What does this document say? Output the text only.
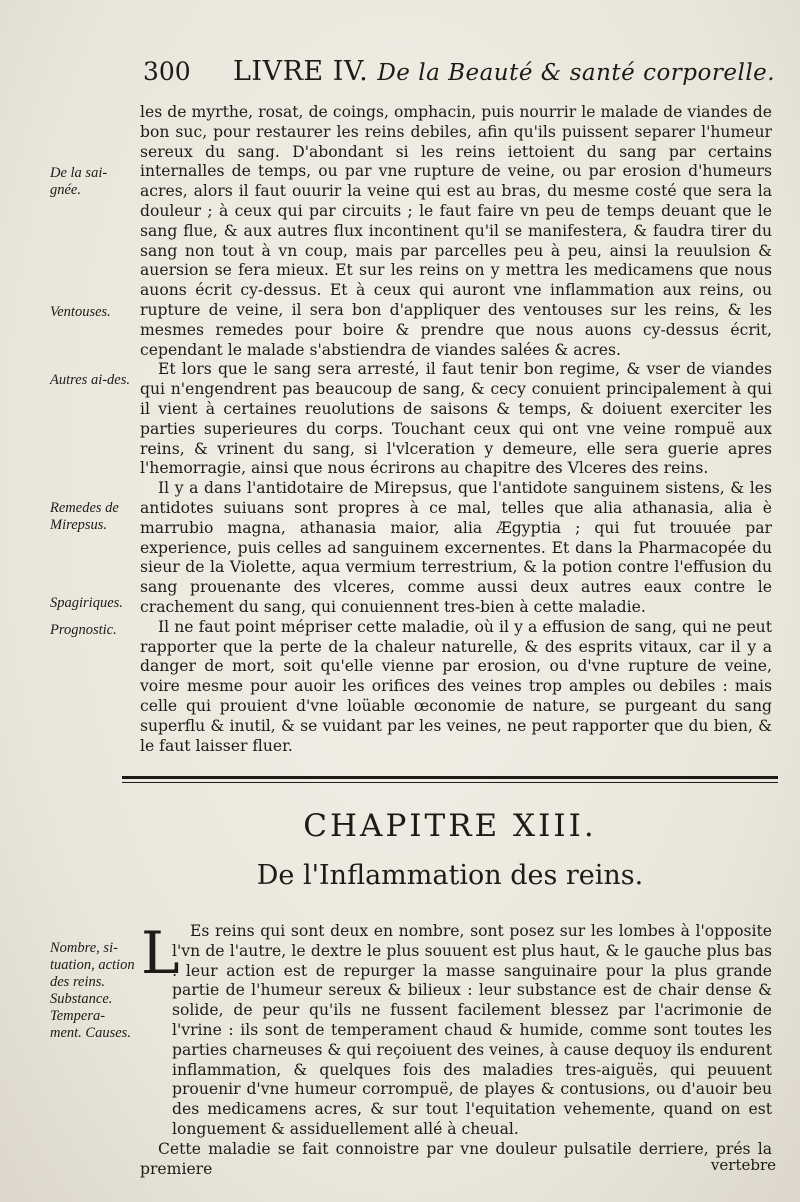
300 LIVRE IV. De la Beauté & santé corporelle.
De la sai-gnée.
Ventouses.
Autres ai-des.
Remedes de Mirepsus.
Spagiriques.
Prognostic.
Nombre, si-tuation, action des reins. Substance. Tempera-ment. Causes.

les de myrthe, rosat, de coings, omphacin, puis nourrir le malade de viandes de bon suc, pour restaurer les reins debiles, afin qu'ils puissent separer l'humeur sereux du sang. D'abondant si les reins iettoient du sang par certains internalles de temps, ou par vne rupture de veine, ou par erosion d'humeurs acres, alors il faut ouurir la veine qui est au bras, du mesme costé que sera la douleur ; à ceux qui par circuits ; le faut faire vn peu de temps deuant que le sang flue, & aux autres flux incontinent qu'il se manifestera, & faudra tirer du sang non tout à vn coup, mais par parcelles peu à peu, ainsi la reuulsion & auersion se fera mieux. Et sur les reins on y mettra les medicamens que nous auons écrit cy-dessus. Et à ceux qui auront vne inflammation aux reins, ou rupture de veine, il sera bon d'appliquer des ventouses sur les reins, & les mesmes remedes pour boire & prendre que nous auons cy-dessus écrit, cependant le malade s'abstiendra de viandes salées & acres.

Et lors que le sang sera arresté, il faut tenir bon regime, & vser de viandes qui n'engendrent pas beaucoup de sang, & cecy conuient principalement à qui il vient à certaines reuolutions de saisons & temps, & doiuent exerciter les parties superieures du corps. Touchant ceux qui ont vne veine rompuë aux reins, & vrinent du sang, si l'vlceration y demeure, elle sera guerie apres l'hemorragie, ainsi que nous écrirons au chapitre des Vlceres des reins.

Il y a dans l'antidotaire de Mirepsus, que l'antidote sanguinem sistens, & les antidotes suiuans sont propres à ce mal, telles que alia athanasia, alia è marrubio magna, athanasia maior, alia Ægyptia ; qui fut trouuée par experience, puis celles ad sanguinem excernentes. Et dans la Pharmacopée du sieur de la Violette, aqua vermium terrestrium, & la potion contre l'effusion du sang prouenante des vlceres, comme aussi deux autres eaux contre le crachement du sang, qui conuiennent tres-bien à cette maladie.

Il ne faut point mépriser cette maladie, où il y a effusion de sang, qui ne peut rapporter que la perte de la chaleur naturelle, & des esprits vitaux, car il y a danger de mort, soit qu'elle vienne par erosion, ou d'vne rupture de veine, voire mesme pour auoir les orifices des veines trop amples ou debiles : mais celle qui prouient d'vne loüable œconomie de nature, se purgeant du sang superflu & inutil, & se vuidant par les veines, ne peut rapporter que du bien, & le faut laisser fluer.

CHAPITRE XIII.
De l'Inflammation des reins.
L Es reins qui sont deux en nombre, sont posez sur les lombes à l'opposite l'vn de l'autre, le dextre le plus souuent est plus haut, & le gauche plus bas : leur action est de repurger la masse sanguinaire pour la plus grande partie de l'humeur sereux & bilieux : leur substance est de chair dense & solide, de peur qu'ils ne fussent facilement blessez par l'acrimonie de l'vrine : ils sont de temperament chaud & humide, comme sont toutes les parties charneuses & qui reçoiuent des veines, à cause dequoy ils endurent inflammation, & quelques fois des maladies tres-aiguës, qui peuuent prouenir d'vne humeur corrompuë, de playes & contusions, ou d'auoir beu des medicamens acres, & sur tout l'equitation vehemente, quand on est longuement & assiduellement allé à cheual.

Cette maladie se fait connoistre par vne douleur pulsatile derriere, prés la premiere	vertebre
